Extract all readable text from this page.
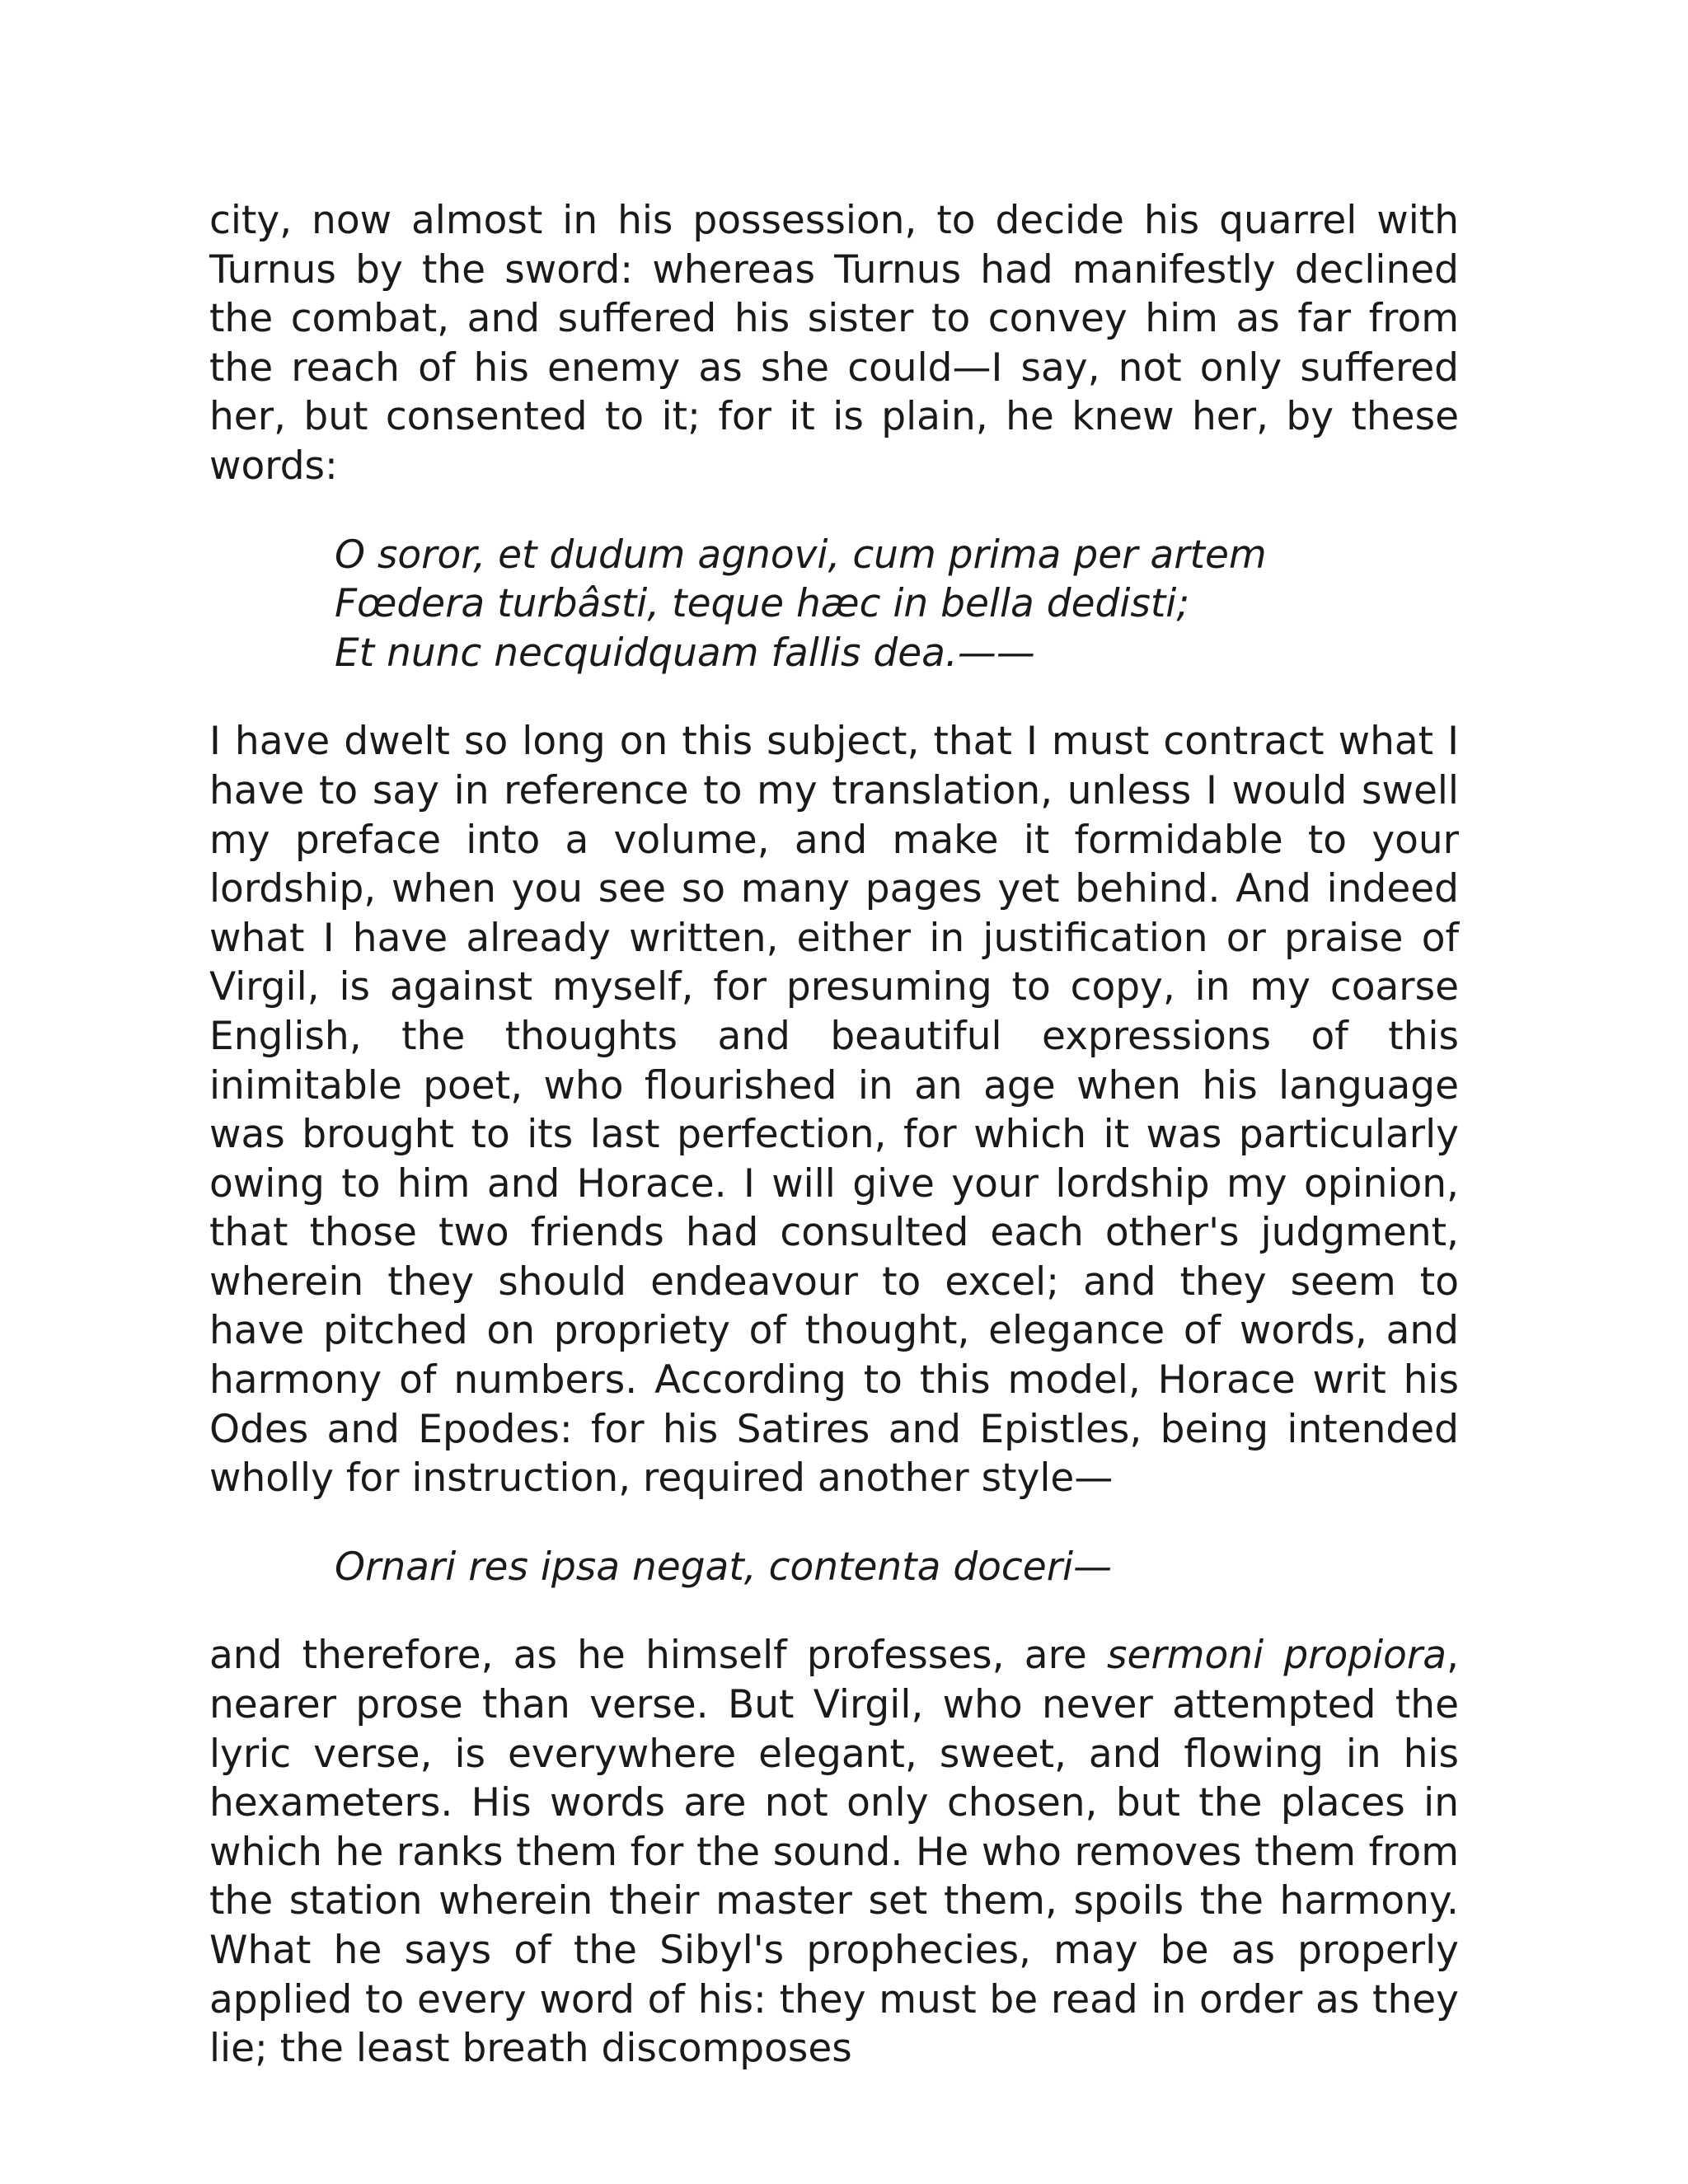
city, now almost in his possession, to decide his quarrel with Turnus by the sword: whereas Turnus had manifestly declined the combat, and suffered his sister to convey him as far from the reach of his enemy as she could—I say, not only suffered her, but consented to it; for it is plain, he knew her, by these words:

O soror, et dudum agnovi, cum prima per artem
Fœdera turbâsti, teque hæc in bella dedisti;
Et nunc necquidquam fallis dea.——

I have dwelt so long on this subject, that I must contract what I have to say in reference to my translation, unless I would swell my preface into a volume, and make it formidable to your lordship, when you see so many pages yet behind. And indeed what I have already written, either in justification or praise of Virgil, is against myself, for presuming to copy, in my coarse English, the thoughts and beautiful expressions of this inimitable poet, who flourished in an age when his language was brought to its last perfection, for which it was particularly owing to him and Horace. I will give your lordship my opinion, that those two friends had consulted each other's judgment, wherein they should endeavour to excel; and they seem to have pitched on propriety of thought, elegance of words, and harmony of numbers. According to this model, Horace writ his Odes and Epodes: for his Satires and Epistles, being intended wholly for instruction, required another style—

Ornari res ipsa negat, contenta doceri—

and therefore, as he himself professes, are sermoni propiora, nearer prose than verse. But Virgil, who never attempted the lyric verse, is everywhere elegant, sweet, and flowing in his hexameters. His words are not only chosen, but the places in which he ranks them for the sound. He who removes them from the station wherein their master set them, spoils the harmony. What he says of the Sibyl's prophecies, may be as properly applied to every word of his: they must be read in order as they lie; the least breath discomposes
